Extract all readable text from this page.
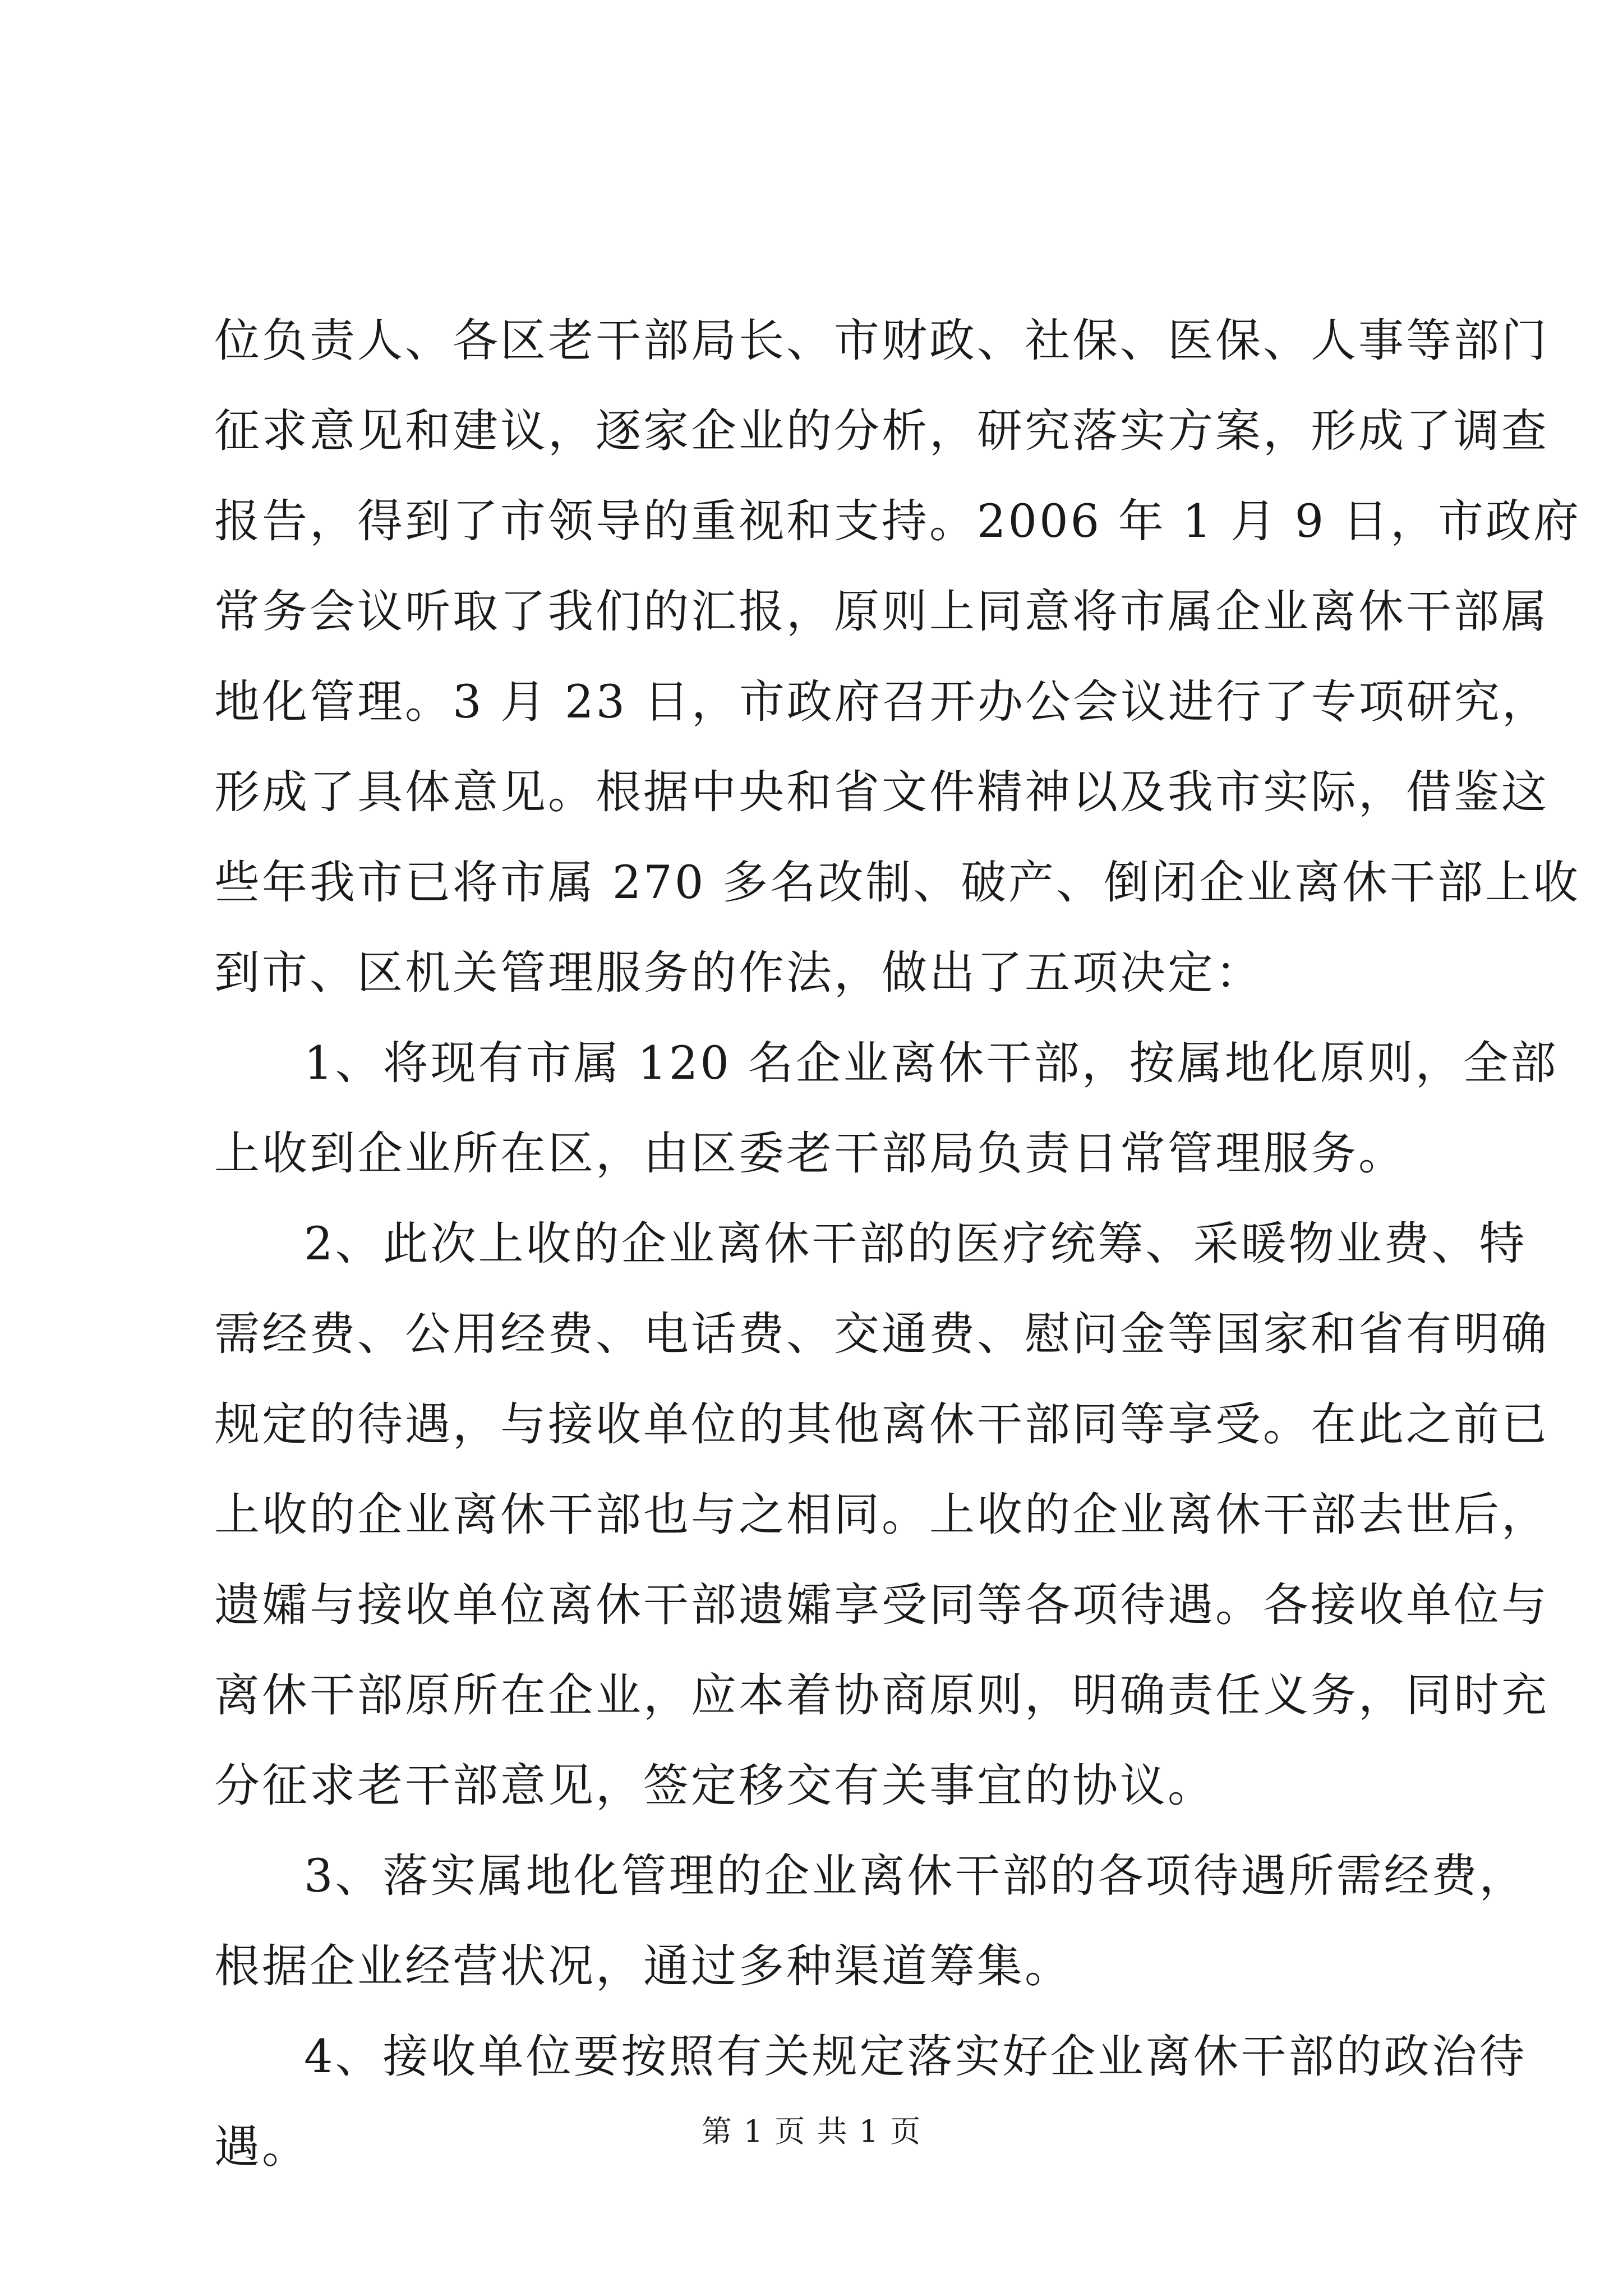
位负责人、各区老干部局长、市财政、社保、医保、人事等部门
征求意见和建议，逐家企业的分析，研究落实方案，形成了调查
报告，得到了市领导的重视和支持。2006 年 1 月 9 日，市政府
常务会议听取了我们的汇报，原则上同意将市属企业离休干部属
地化管理。3 月 23 日，市政府召开办公会议进行了专项研究，
形成了具体意见。根据中央和省文件精神以及我市实际，借鉴这
些年我市已将市属 270 多名改制、破产、倒闭企业离休干部上收
到市、区机关管理服务的作法，做出了五项决定：
1、将现有市属 120 名企业离休干部，按属地化原则，全部
上收到企业所在区，由区委老干部局负责日常管理服务。
2、此次上收的企业离休干部的医疗统筹、采暖物业费、特
需经费、公用经费、电话费、交通费、慰问金等国家和省有明确
规定的待遇，与接收单位的其他离休干部同等享受。在此之前已
上收的企业离休干部也与之相同。上收的企业离休干部去世后，
遗孀与接收单位离休干部遗孀享受同等各项待遇。各接收单位与
离休干部原所在企业，应本着协商原则，明确责任义务，同时充
分征求老干部意见，签定移交有关事宜的协议。
3、落实属地化管理的企业离休干部的各项待遇所需经费，
根据企业经营状况，通过多种渠道筹集。
4、接收单位要按照有关规定落实好企业离休干部的政治待
遇。	第 1 页 共 1 页
